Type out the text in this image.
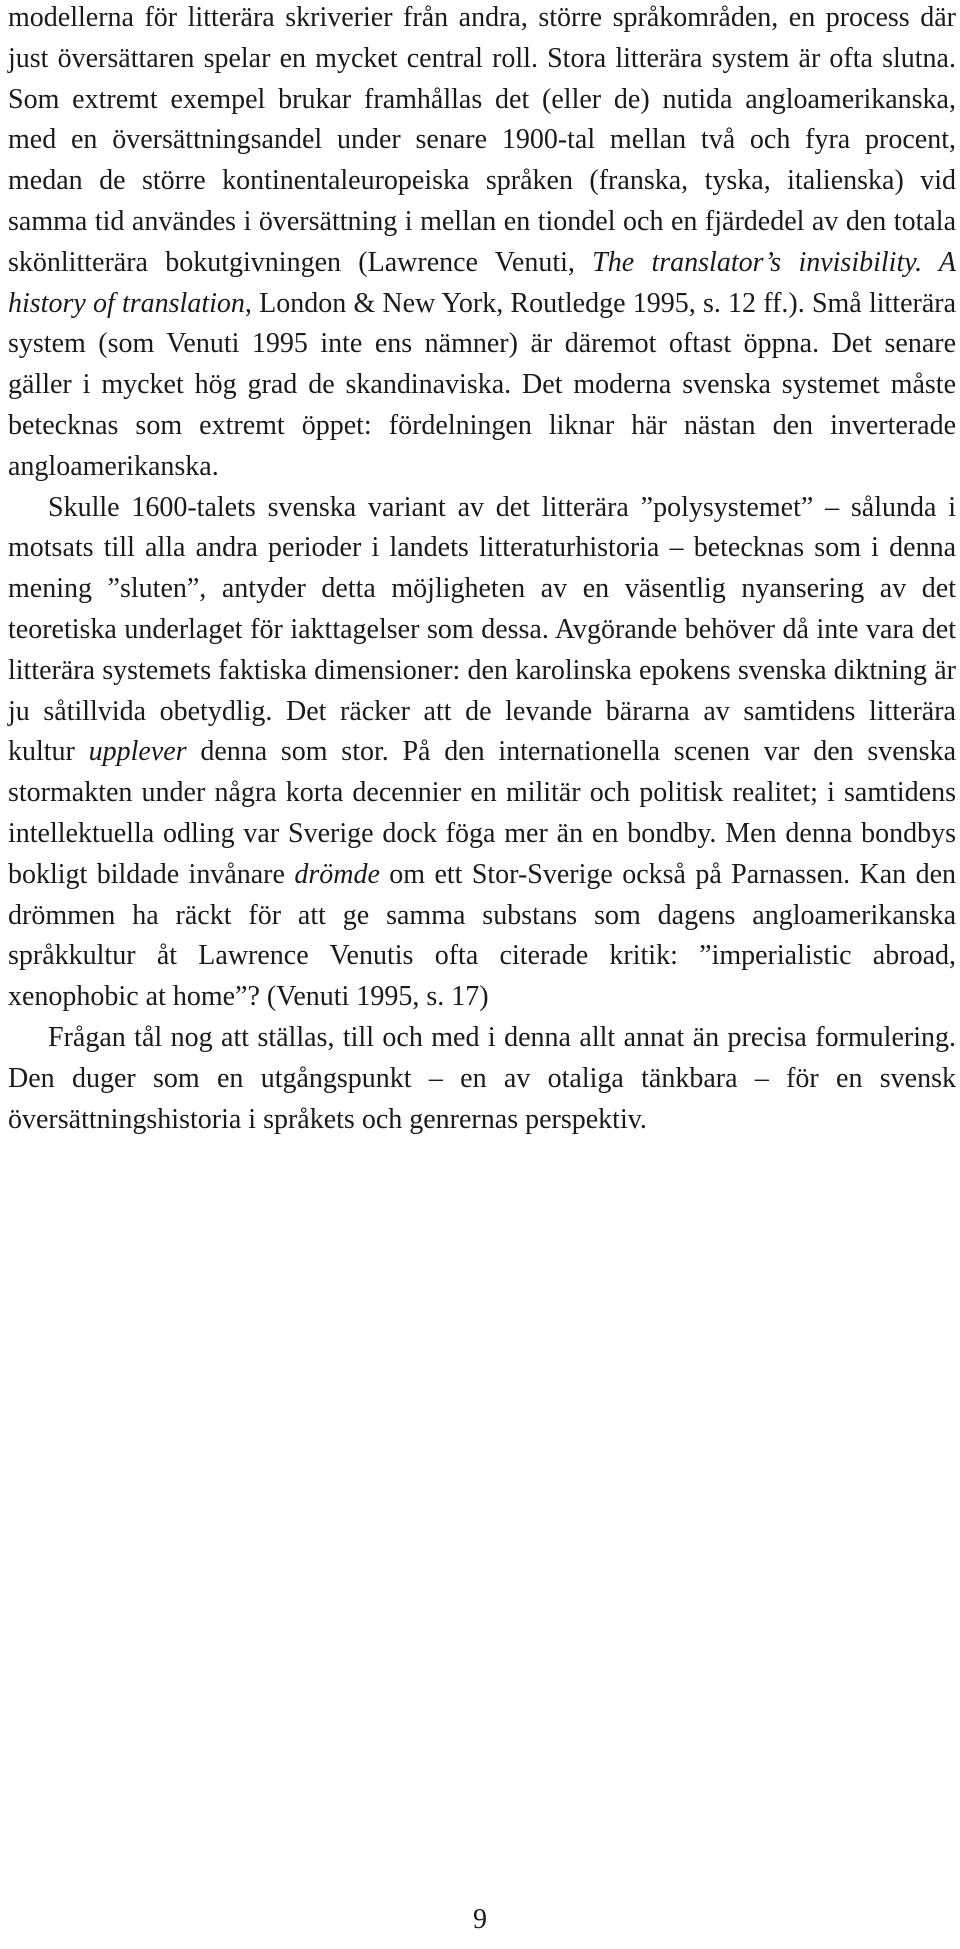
modellerna för litterära skriverier från andra, större språkområden, en process där just översättaren spelar en mycket central roll. Stora litterära system är ofta slutna. Som extremt exempel brukar framhållas det (eller de) nutida angloamerikanska, med en översättningsandel under senare 1900-tal mellan två och fyra procent, medan de större kontinentaleuropeiska språken (franska, tyska, italienska) vid samma tid användes i översättning i mellan en tiondel och en fjärdedel av den totala skönlitterära bokutgivningen (Lawrence Venuti, The translator’s invisibility. A history of translation, London & New York, Routledge 1995, s. 12 ff.). Små litterära system (som Venuti 1995 inte ens nämner) är däremot oftast öppna. Det senare gäller i mycket hög grad de skandinaviska. Det moderna svenska systemet måste betecknas som extremt öppet: fördelningen liknar här nästan den inverterade angloamerikanska.

Skulle 1600-talets svenska variant av det litterära ”polysystemet” – sålunda i motsats till alla andra perioder i landets litteraturhistoria – betecknas som i denna mening ”sluten”, antyder detta möjligheten av en väsentlig nyansering av det teoretiska underlaget för iakttagelser som dessa. Avgörande behöver då inte vara det litterära systemets faktiska dimensioner: den karolinska epokens svenska diktning är ju såtillvida obetydlig. Det räcker att de levande bärarna av samtidens litterära kultur upplever denna som stor. På den internationella scenen var den svenska stormakten under några korta decennier en militär och politisk realitet; i samtidens intellektuella odling var Sverige dock föga mer än en bondby. Men denna bondbys bokligt bildade invånare drömde om ett Stor-Sverige också på Parnassen. Kan den drömmen ha räckt för att ge samma substans som dagens angloamerikanska språkkultur åt Lawrence Venutis ofta citerade kritik: ”imperialistic abroad, xenophobic at home”? (Venuti 1995, s. 17)

Frågan tål nog att ställas, till och med i denna allt annat än precisa formulering. Den duger som en utgångspunkt – en av otaliga tänkbara – för en svensk översättningshistoria i språkets och genrernas perspektiv.

9
